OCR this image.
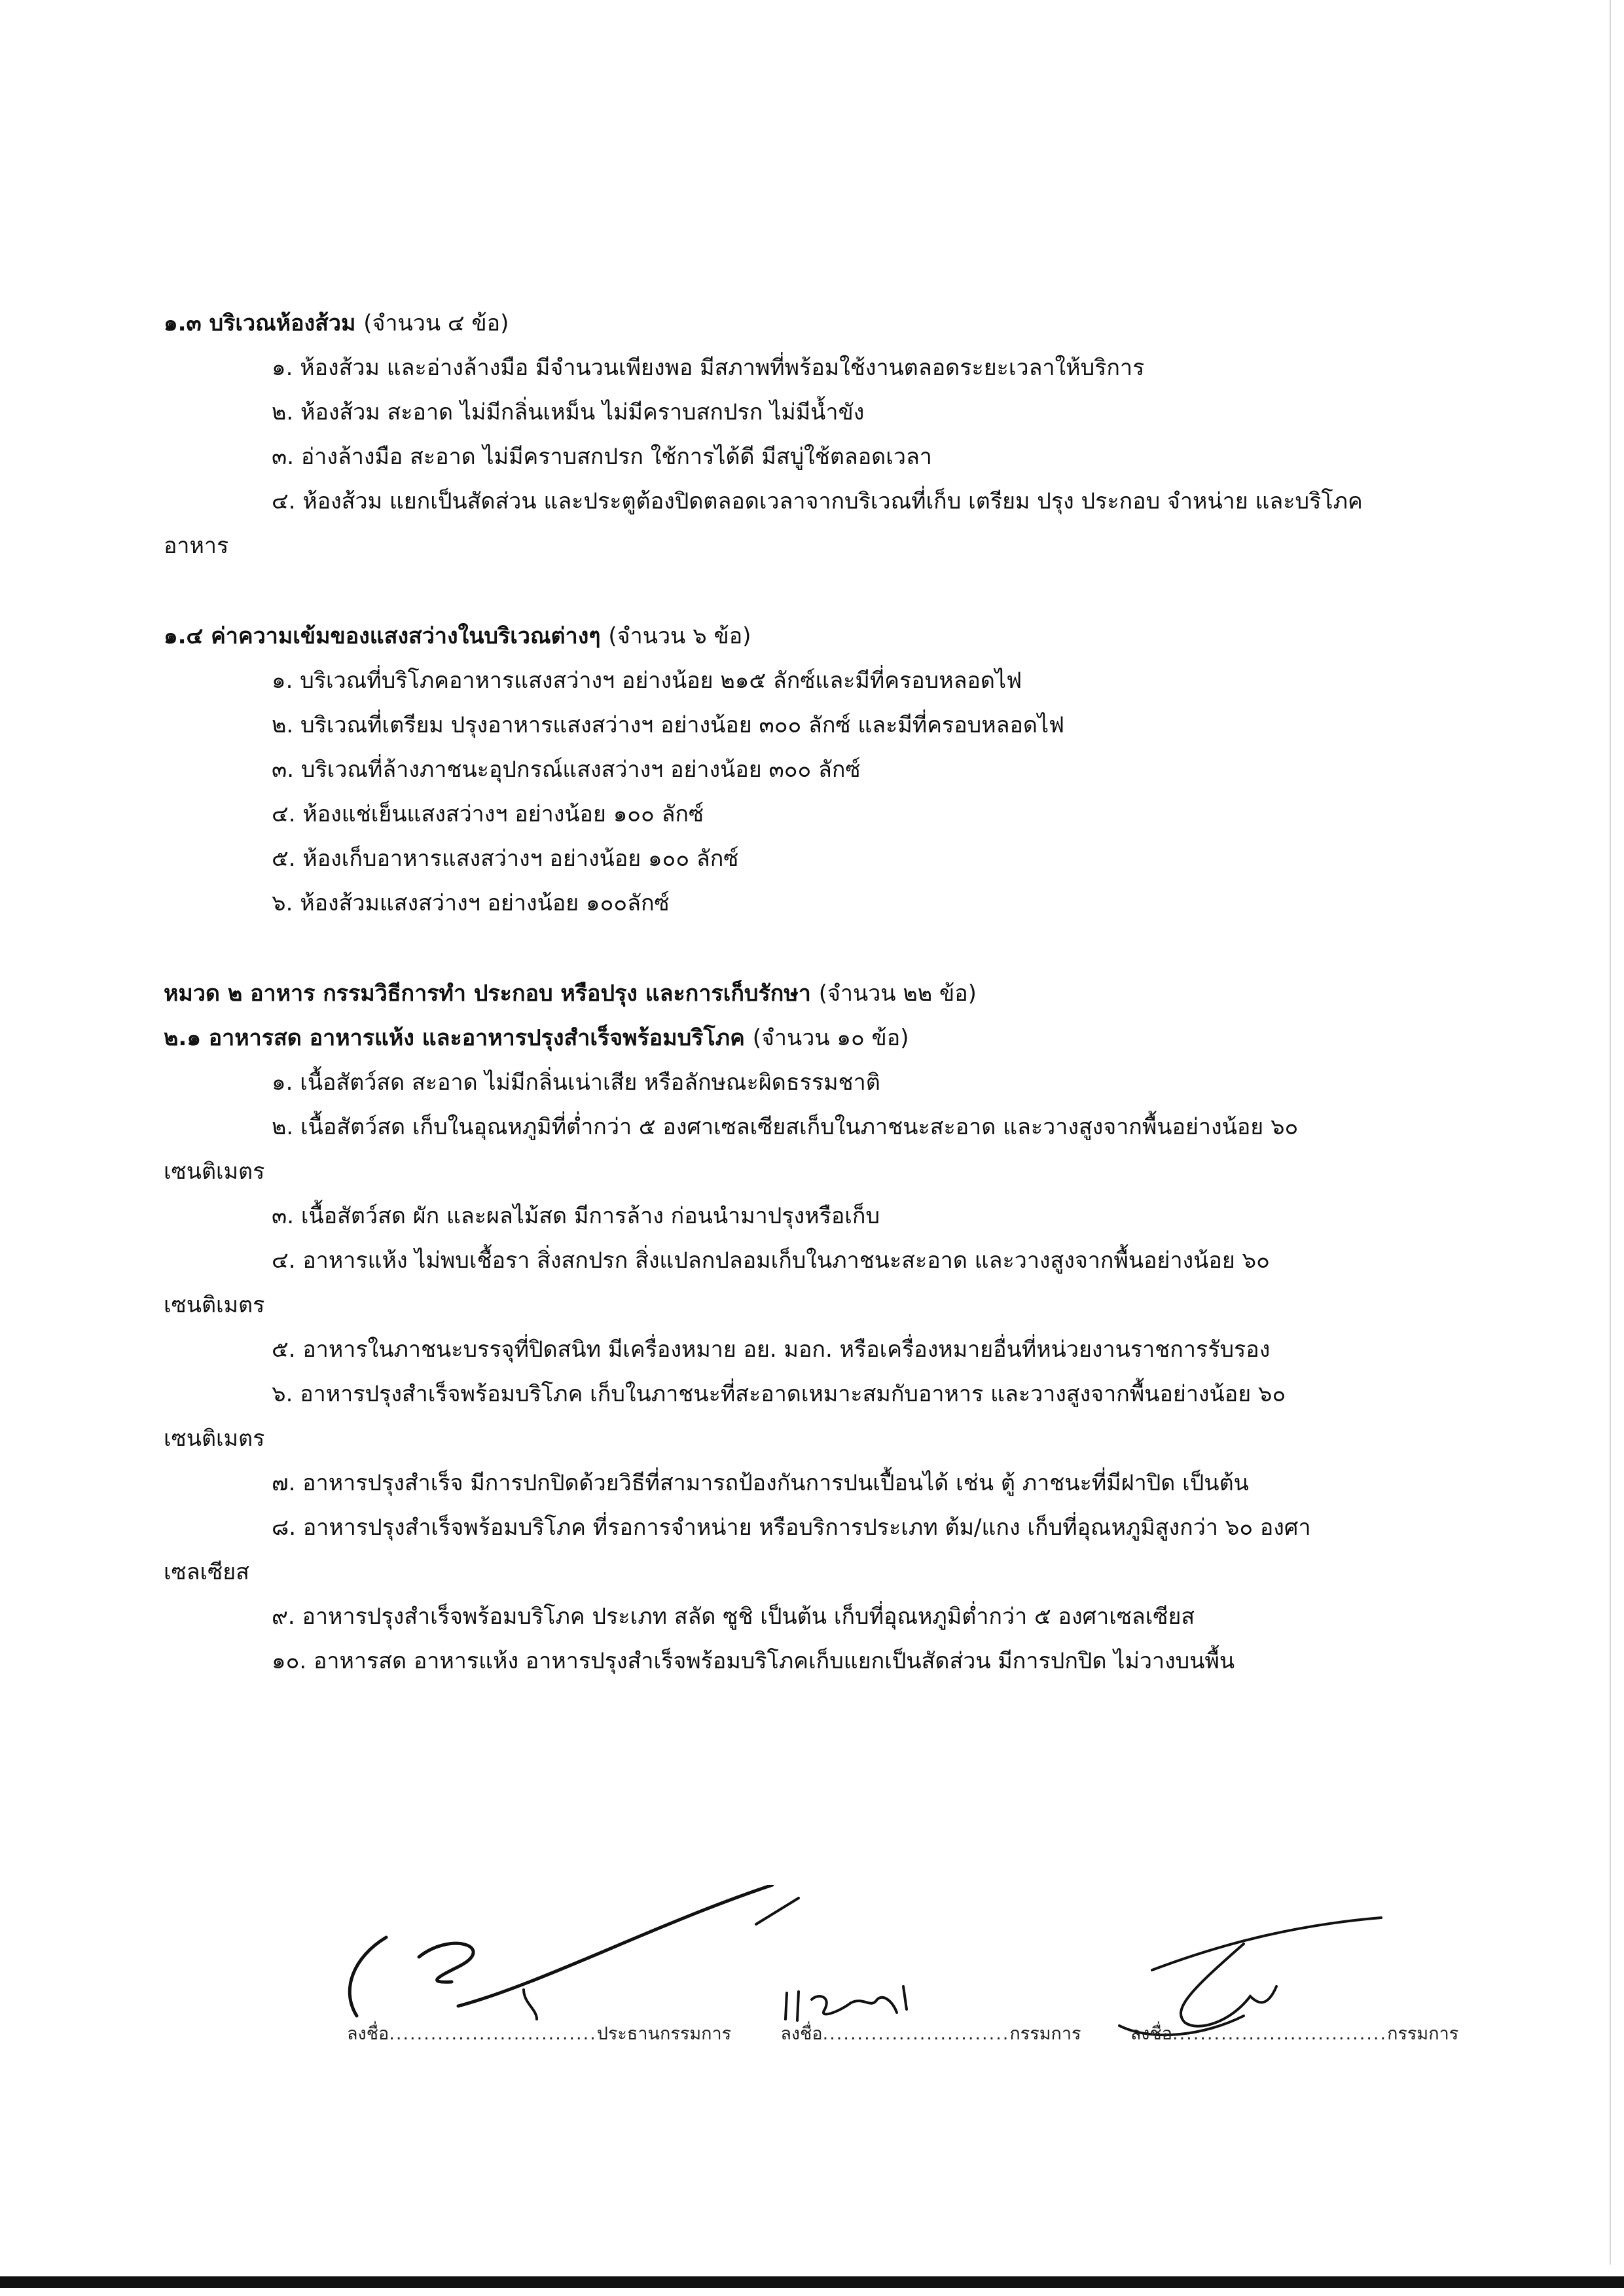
๑.๓ บริเวณห้องส้วม (จำนวน ๔ ข้อ)
๑. ห้องส้วม และอ่างล้างมือ มีจำนวนเพียงพอ มีสภาพที่พร้อมใช้งานตลอดระยะเวลาให้บริการ
๒. ห้องส้วม สะอาด ไม่มีกลิ่นเหม็น ไม่มีคราบสกปรก ไม่มีน้ำขัง
๓. อ่างล้างมือ สะอาด ไม่มีคราบสกปรก ใช้การได้ดี มีสบู่ใช้ตลอดเวลา
๔. ห้องส้วม แยกเป็นสัดส่วน และประตูต้องปิดตลอดเวลาจากบริเวณที่เก็บ เตรียม ปรุง ประกอบ จำหน่าย และบริโภค
อาหาร
๑.๔ ค่าความเข้มของแสงสว่างในบริเวณต่างๆ (จำนวน ๖ ข้อ)
๑. บริเวณที่บริโภคอาหารแสงสว่างฯ อย่างน้อย ๒๑๕ ลักซ์และมีที่ครอบหลอดไฟ
๒. บริเวณที่เตรียม ปรุงอาหารแสงสว่างฯ อย่างน้อย ๓๐๐ ลักซ์ และมีที่ครอบหลอดไฟ
๓. บริเวณที่ล้างภาชนะอุปกรณ์แสงสว่างฯ อย่างน้อย ๓๐๐ ลักซ์
๔. ห้องแช่เย็นแสงสว่างฯ อย่างน้อย ๑๐๐ ลักซ์
๕. ห้องเก็บอาหารแสงสว่างฯ อย่างน้อย ๑๐๐ ลักซ์
๖. ห้องส้วมแสงสว่างฯ อย่างน้อย ๑๐๐ลักซ์
หมวด ๒ อาหาร กรรมวิธีการทำ ประกอบ หรือปรุง และการเก็บรักษา (จำนวน ๒๒ ข้อ)
๒.๑ อาหารสด อาหารแห้ง และอาหารปรุงสำเร็จพร้อมบริโภค (จำนวน ๑๐ ข้อ)
๑. เนื้อสัตว์สด สะอาด ไม่มีกลิ่นเน่าเสีย หรือลักษณะผิดธรรมชาติ
๒. เนื้อสัตว์สด เก็บในอุณหภูมิที่ต่ำกว่า ๕ องศาเซลเซียสเก็บในภาชนะสะอาด และวางสูงจากพื้นอย่างน้อย ๖๐
เซนติเมตร
๓. เนื้อสัตว์สด ผัก และผลไม้สด มีการล้าง ก่อนนำมาปรุงหรือเก็บ
๔. อาหารแห้ง ไม่พบเชื้อรา สิ่งสกปรก สิ่งแปลกปลอมเก็บในภาชนะสะอาด และวางสูงจากพื้นอย่างน้อย ๖๐
เซนติเมตร
๕. อาหารในภาชนะบรรจุที่ปิดสนิท มีเครื่องหมาย อย. มอก. หรือเครื่องหมายอื่นที่หน่วยงานราชการรับรอง
๖. อาหารปรุงสำเร็จพร้อมบริโภค เก็บในภาชนะที่สะอาดเหมาะสมกับอาหาร และวางสูงจากพื้นอย่างน้อย ๖๐
เซนติเมตร
๗. อาหารปรุงสำเร็จ มีการปกปิดด้วยวิธีที่สามารถป้องกันการปนเปื้อนได้ เช่น ตู้ ภาชนะที่มีฝาปิด เป็นต้น
๘. อาหารปรุงสำเร็จพร้อมบริโภค ที่รอการจำหน่าย หรือบริการประเภท ต้ม/แกง เก็บที่อุณหภูมิสูงกว่า ๖๐ องศา
เซลเซียส
๙. อาหารปรุงสำเร็จพร้อมบริโภค ประเภท สลัด ซูชิ เป็นต้น เก็บที่อุณหภูมิต่ำกว่า ๕ องศาเซลเซียส
๑๐. อาหารสด อาหารแห้ง อาหารปรุงสำเร็จพร้อมบริโภคเก็บแยกเป็นสัดส่วน มีการปกปิด ไม่วางบนพื้น
ลงชื่อ..............................ประธานกรรมการ	ลงชื่อ...........................กรรมการ	ลงชื่อ...............................กรรมการ
